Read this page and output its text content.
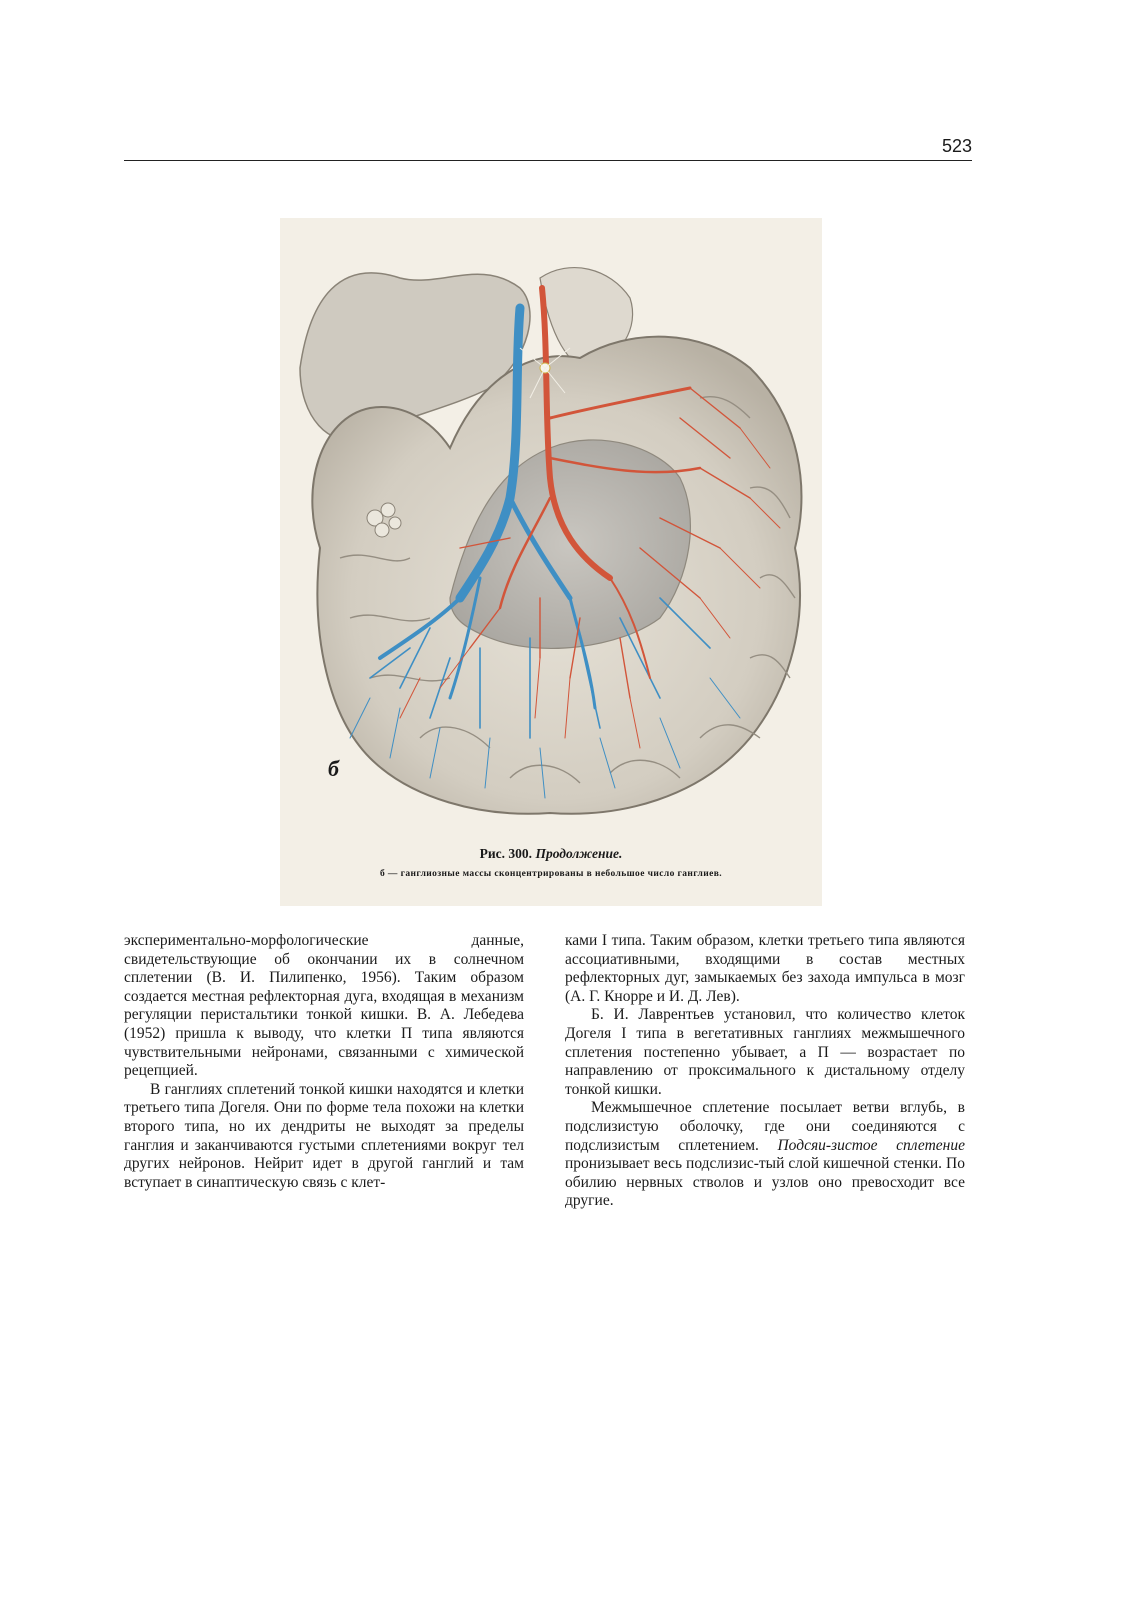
523
б
Рис. 300. Продолжение.
б — ганглиозные массы сконцентрированы в небольшое число ганглиев.

экспериментально-морфологические данные, свидетельствующие об окончании их в солнечном сплетении (В. И. Пилипенко, 1956). Таким образом создается местная рефлекторная дуга, входящая в механизм регуляции перистальтики тонкой кишки. В. А. Лебедева (1952) пришла к выводу, что клетки П типа являются чувствительными нейронами, связанными с химической рецепцией.

В ганглиях сплетений тонкой кишки находятся и клетки третьего типа Догеля. Они по форме тела похожи на клетки второго типа, но их дендриты не выходят за пределы ганглия и заканчиваются густыми сплетениями вокруг тел других нейронов. Нейрит идет в другой ганглий и там вступает в синаптическую связь с клет-

ками I типа. Таким образом, клетки третьего типа являются ассоциативными, входящими в состав местных рефлекторных дуг, замыкаемых без захода импульса в мозг (А. Г. Кнорре и И. Д. Лев).

Б. И. Лаврентьев установил, что количество клеток Догеля I типа в вегетативных ганглиях межмышечного сплетения постепенно убывает, а П — возрастает по направлению от проксимального к дистальному отделу тонкой кишки.

Межмышечное сплетение посылает ветви вглубь, в подслизистую оболочку, где они соединяются с подслизистым сплетением. Подсяи-зистое сплетение пронизывает весь подслизис-тый слой кишечной стенки. По обилию нервных стволов и узлов оно превосходит все другие.
